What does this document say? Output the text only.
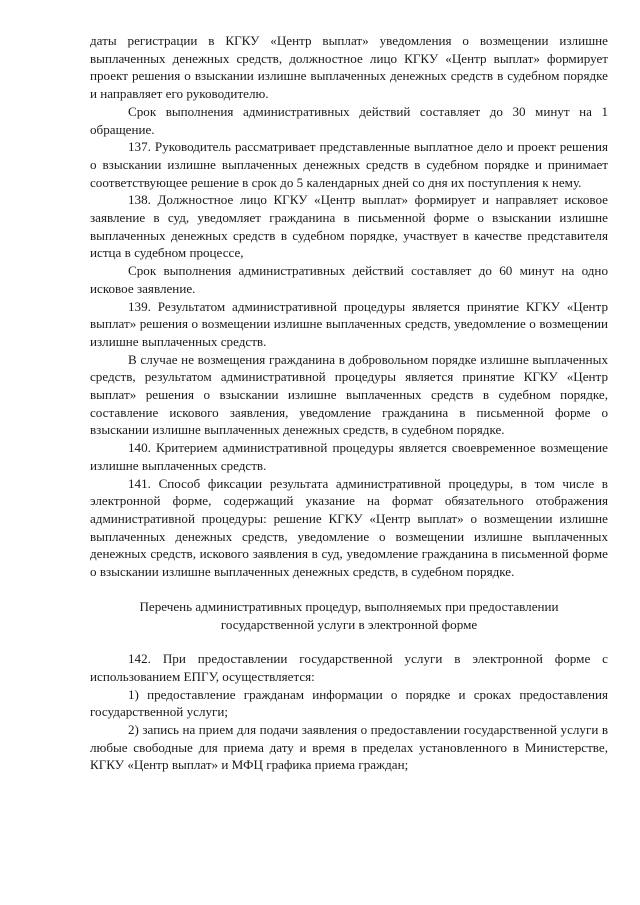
даты регистрации в КГКУ «Центр выплат» уведомления о возмещении излишне выплаченных денежных средств, должностное лицо КГКУ «Центр выплат» формирует проект решения о взыскании излишне выплаченных денежных средств в судебном порядке и направляет его руководителю.

Срок выполнения административных действий составляет до 30 минут на 1 обращение.

137. Руководитель рассматривает представленные выплатное дело и проект решения о взыскании излишне выплаченных денежных средств в судебном порядке и принимает соответствующее решение в срок до 5 календарных дней со дня их поступления к нему.

138. Должностное лицо КГКУ «Центр выплат» формирует и направляет исковое заявление в суд, уведомляет гражданина в письменной форме о взыскании излишне выплаченных денежных средств в судебном порядке, участвует в качестве представителя истца в судебном процессе,

Срок выполнения административных действий составляет до 60 минут на одно исковое заявление.

139. Результатом административной процедуры является принятие КГКУ «Центр выплат» решения о возмещении излишне выплаченных средств, уведомление о возмещении излишне выплаченных средств.

В случае не возмещения гражданина в добровольном порядке излишне выплаченных средств, результатом административной процедуры является принятие КГКУ «Центр выплат» решения о взыскании излишне выплаченных средств в судебном порядке, составление искового заявления, уведомление гражданина в письменной форме о взыскании излишне выплаченных денежных средств, в судебном порядке.

140. Критерием административной процедуры является своевременное возмещение излишне выплаченных средств.

141. Способ фиксации результата административной процедуры, в том числе в электронной форме, содержащий указание на формат обязательного отображения административной процедуры: решение КГКУ «Центр выплат» о возмещении излишне выплаченных денежных средств, уведомление о возмещении излишне выплаченных денежных средств, искового заявления в суд, уведомление гражданина в письменной форме о взыскании излишне выплаченных денежных средств, в судебном порядке.

Перечень административных процедур, выполняемых при предоставлении
государственной услуги в электронной форме

142. При предоставлении государственной услуги в электронной форме с использованием ЕПГУ, осуществляется:

1) предоставление гражданам информации о порядке и сроках предоставления государственной услуги;

2) запись на прием для подачи заявления о предоставлении государственной услуги в любые свободные для приема дату и время в пределах установленного в Министерстве, КГКУ «Центр выплат» и МФЦ графика приема граждан;
